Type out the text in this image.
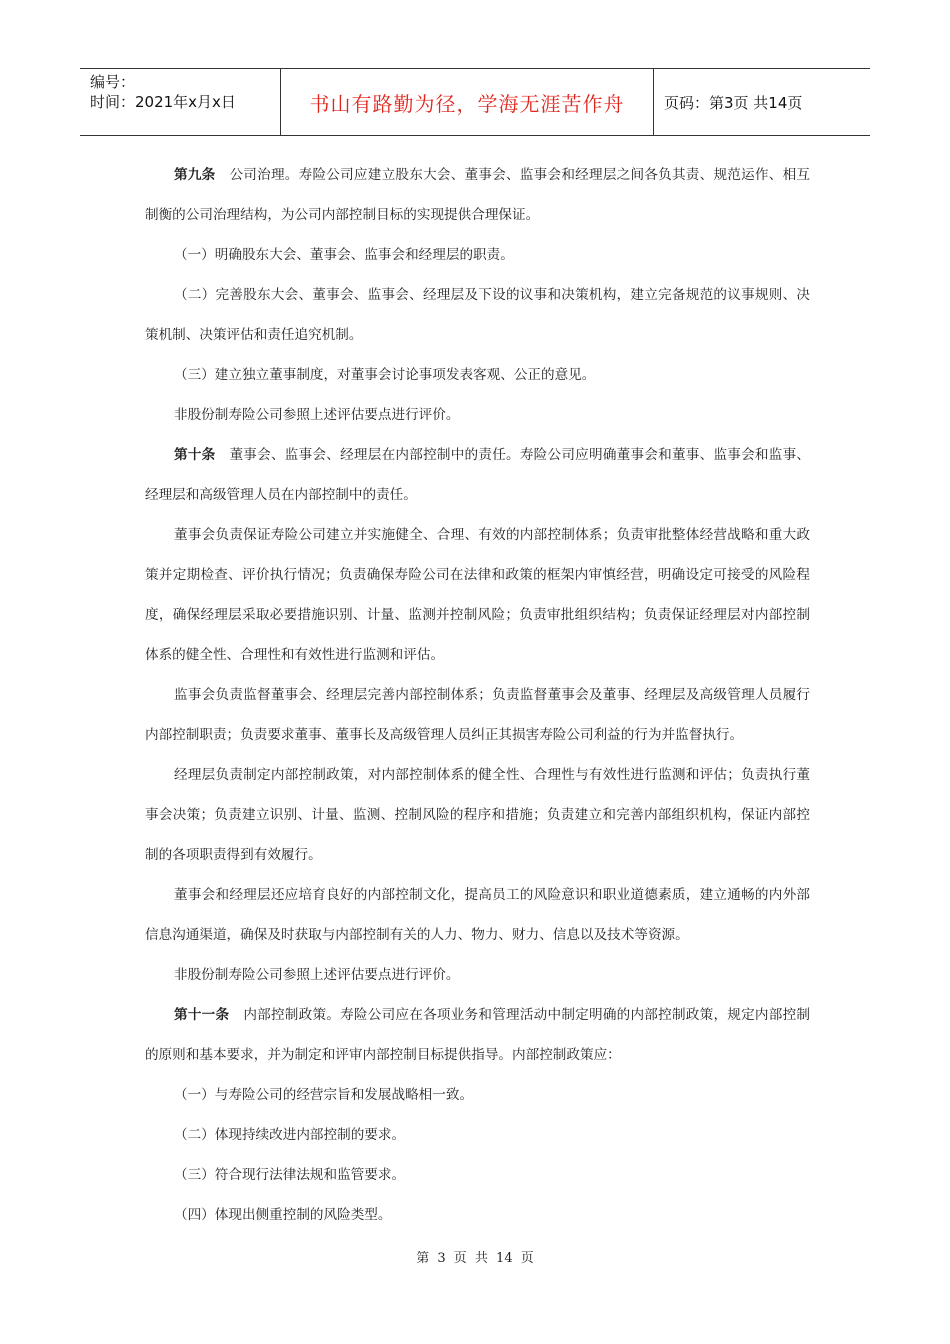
编号：
时间：2021年x月x日	书山有路勤为径，学海无涯苦作舟	页码：第3页 共14页

第九条 公司治理。寿险公司应建立股东大会、董事会、监事会和经理层之间各负其责、规范运作、相互制衡的公司治理结构，为公司内部控制目标的实现提供合理保证。

（一）明确股东大会、董事会、监事会和经理层的职责。

（二）完善股东大会、董事会、监事会、经理层及下设的议事和决策机构，建立完备规范的议事规则、决策机制、决策评估和责任追究机制。

（三）建立独立董事制度，对董事会讨论事项发表客观、公正的意见。

非股份制寿险公司参照上述评估要点进行评价。

第十条 董事会、监事会、经理层在内部控制中的责任。寿险公司应明确董事会和董事、监事会和监事、经理层和高级管理人员在内部控制中的责任。

董事会负责保证寿险公司建立并实施健全、合理、有效的内部控制体系；负责审批整体经营战略和重大政策并定期检查、评价执行情况；负责确保寿险公司在法律和政策的框架内审慎经营，明确设定可接受的风险程度，确保经理层采取必要措施识别、计量、监测并控制风险；负责审批组织结构；负责保证经理层对内部控制体系的健全性、合理性和有效性进行监测和评估。

监事会负责监督董事会、经理层完善内部控制体系；负责监督董事会及董事、经理层及高级管理人员履行内部控制职责；负责要求董事、董事长及高级管理人员纠正其损害寿险公司利益的行为并监督执行。

经理层负责制定内部控制政策，对内部控制体系的健全性、合理性与有效性进行监测和评估；负责执行董事会决策；负责建立识别、计量、监测、控制风险的程序和措施；负责建立和完善内部组织机构，保证内部控制的各项职责得到有效履行。

董事会和经理层还应培育良好的内部控制文化，提高员工的风险意识和职业道德素质，建立通畅的内外部信息沟通渠道，确保及时获取与内部控制有关的人力、物力、财力、信息以及技术等资源。

非股份制寿险公司参照上述评估要点进行评价。

第十一条 内部控制政策。寿险公司应在各项业务和管理活动中制定明确的内部控制政策，规定内部控制的原则和基本要求，并为制定和评审内部控制目标提供指导。内部控制政策应：

（一）与寿险公司的经营宗旨和发展战略相一致。

（二）体现持续改进内部控制的要求。

（三）符合现行法律法规和监管要求。

（四）体现出侧重控制的风险类型。

第 3 页 共 14 页
